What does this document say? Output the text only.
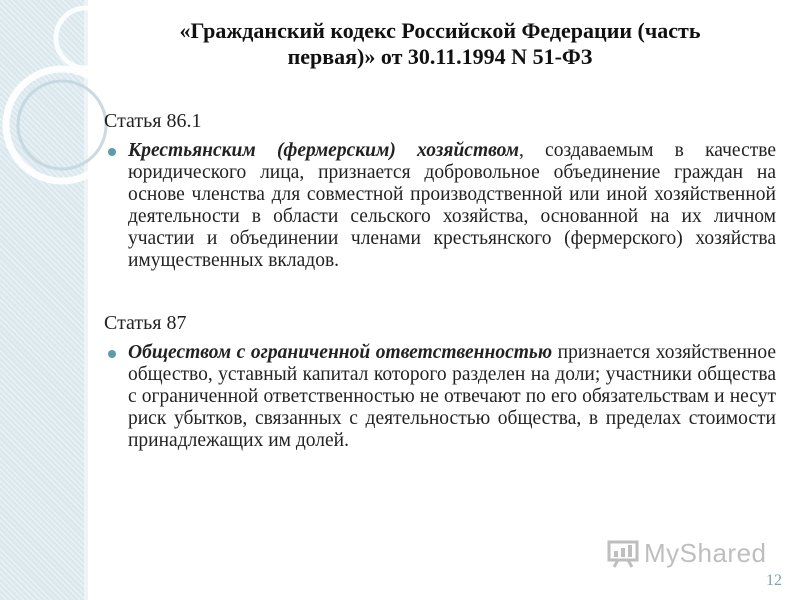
«Гражданский кодекс Российской Федерации (часть
первая)» от 30.11.1994 N 51-ФЗ
Статья 86.1

Крестьянским (фермерским) хозяйством, создаваемым в качестве юридического лица, признается добровольное объединение граждан на основе членства для совместной производственной или иной хозяйственной деятельности в области сельского хозяйства, основанной на их личном участии и объединении членами крестьянского (фермерского) хозяйства имущественных вкладов.

Статья 87

Обществом с ограниченной ответственностью признается хозяйственное общество, уставный капитал которого разделен на доли; участники общества с ограниченной ответственностью не отвечают по его обязательствам и несут риск убытков, связанных с деятельностью общества, в пределах стоимости принадлежащих им долей.

MyShared
12
